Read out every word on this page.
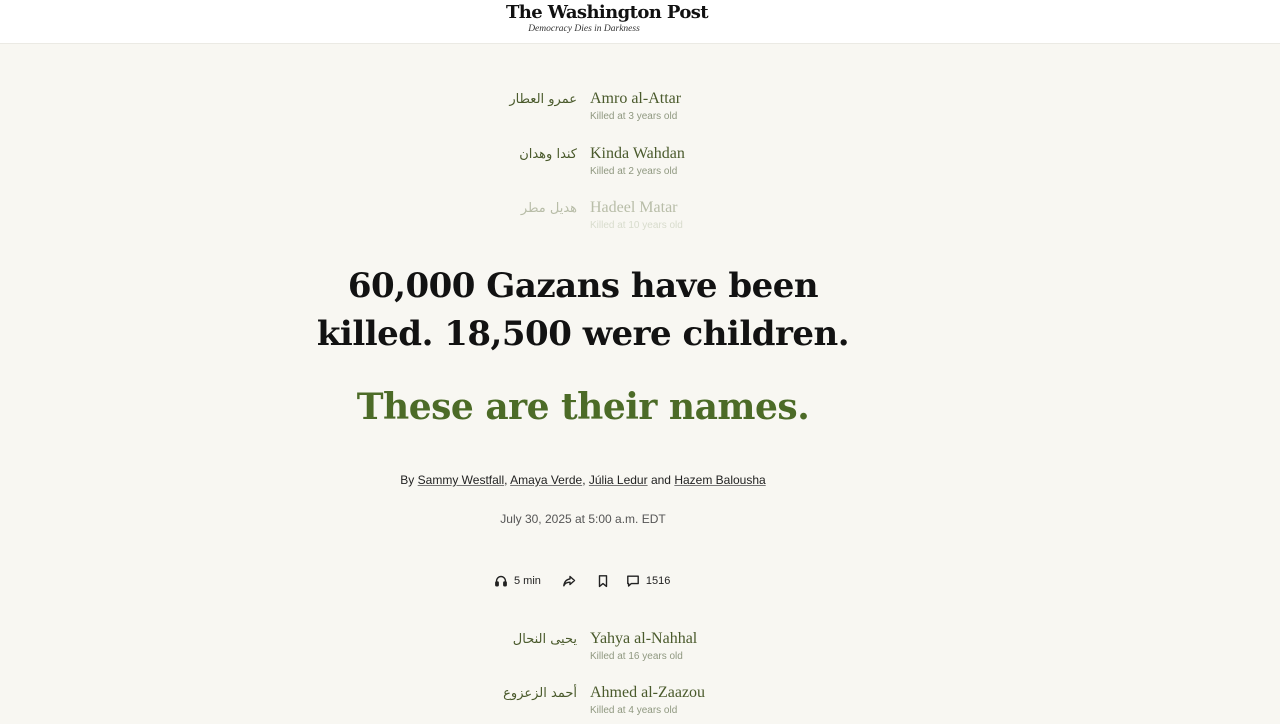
The Washington Post
Democracy Dies in Darkness
عمرو العطار Amro al-Attar
Killed at 3 years old
كندا وهدان Kinda Wahdan
Killed at 2 years old
هديل مطر Hadeel Matar
Killed at 10 years old
60,000 Gazans have been
killed. 18,500 were children.
These are their names.
By Sammy Westfall, Amaya Verde, Júlia Ledur and Hazem Balousha
July 30, 2025 at 5:00 a.m. EDT
5 min	1516
يحيى النحال Yahya al-Nahhal
Killed at 16 years old
أحمد الزعزوع Ahmed al-Zaazou
Killed at 4 years old
